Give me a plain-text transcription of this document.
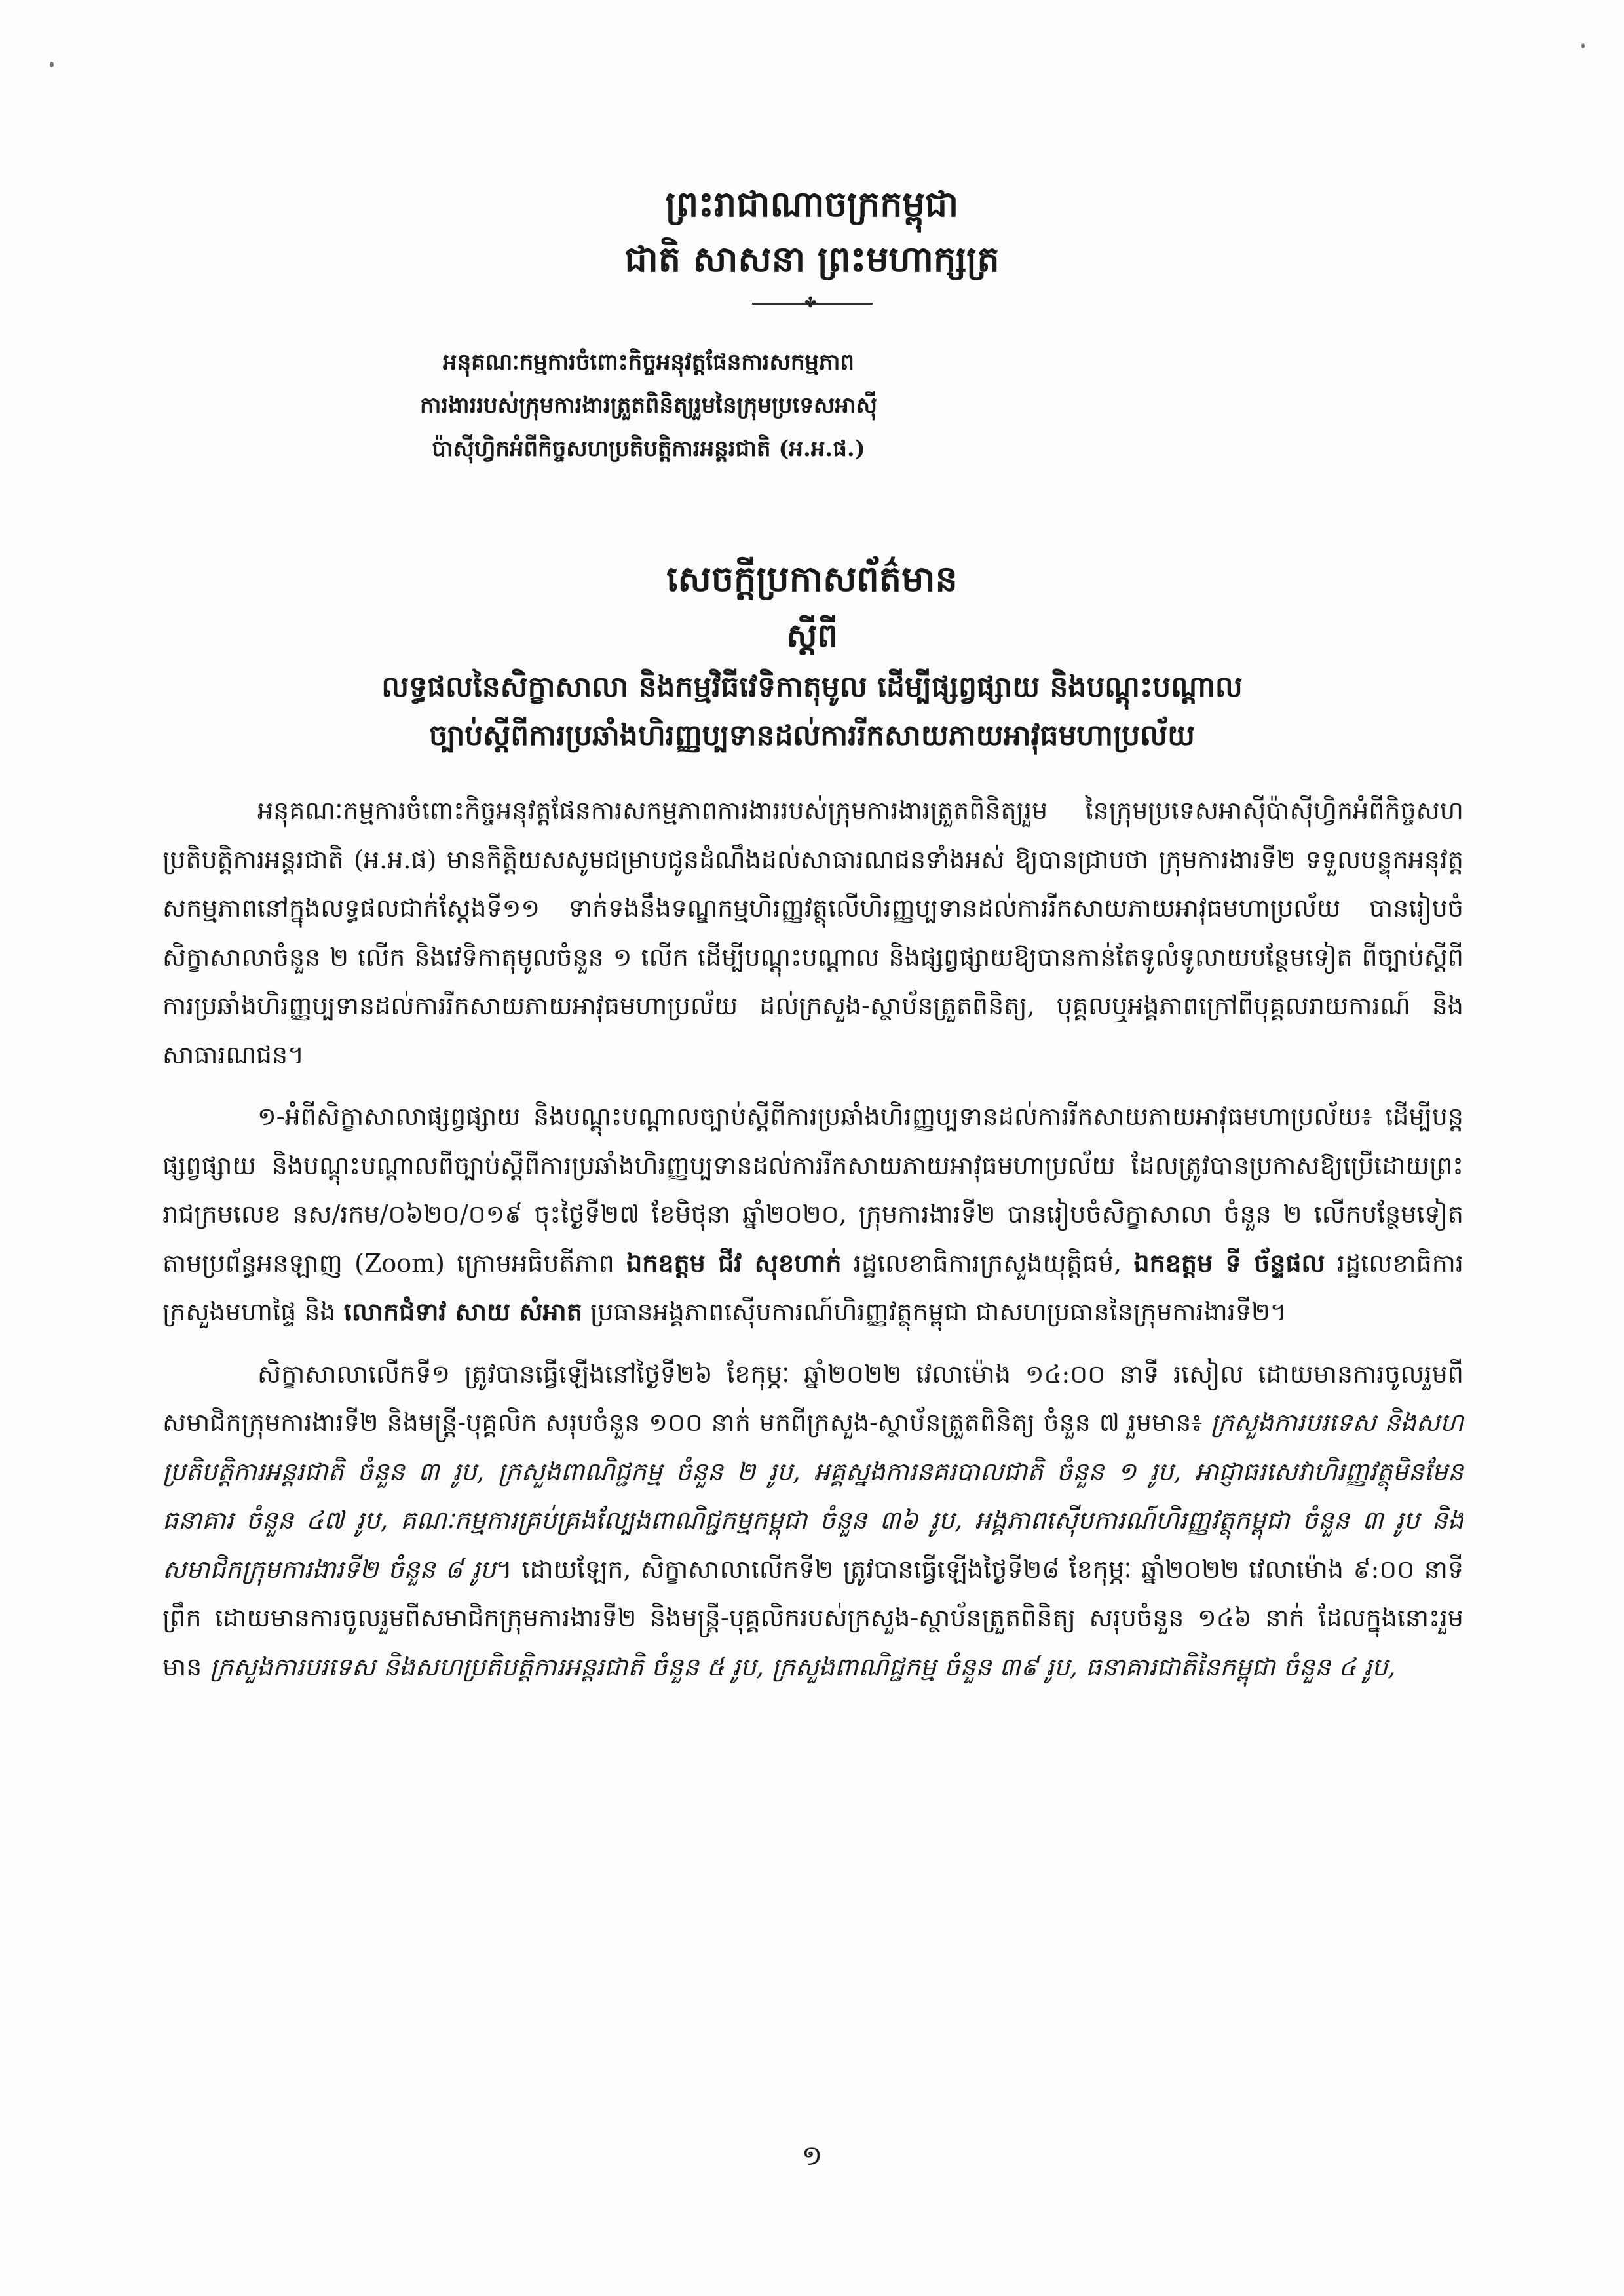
ព្រះរាជាណាចក្រកម្ពុជា
ជាតិ សាសនា ព្រះមហាក្សត្រ
✤
អនុគណៈកម្មការចំពោះកិច្ចអនុវត្តផែនការសកម្មភាព
ការងាររបស់ក្រុមការងារត្រួតពិនិត្យរួមនៃក្រុមប្រទេសអាស៊ី
ប៉ាស៊ីហ្វិកអំពីកិច្ចសហប្រតិបត្តិការអន្តរជាតិ (អ.អ.ផ.)
សេចក្តីប្រកាសព័ត៌មាន
ស្តីពី
លទ្ធផលនៃសិក្ខាសាលា និងកម្មវិធីវេទិកាតុមូល ដើម្បីផ្សព្វផ្សាយ និងបណ្តុះបណ្តាល
ច្បាប់ស្តីពីការប្រឆាំងហិរញ្ញប្បទានដល់ការរីកសាយភាយអាវុធមហាប្រល័យ

អនុគណៈកម្មការចំពោះកិច្ចអនុវត្តផែនការសកម្មភាពការងាររបស់ក្រុមការងារត្រួតពិនិត្យរួម នៃក្រុមប្រទេសអាស៊ីប៉ាស៊ីហ្វិកអំពីកិច្ចសហប្រតិបត្តិការអន្តរជាតិ (អ.អ.ផ) មានកិត្តិយសសូមជម្រាបជូនដំណឹងដល់សាធារណជនទាំងអស់ ឱ្យបានជ្រាបថា ក្រុមការងារទី២ ទទួលបន្ទុកអនុវត្តសកម្មភាពនៅក្នុងលទ្ធផលជាក់ស្តែងទី១១ ទាក់ទងនឹងទណ្ឌកម្មហិរញ្ញវត្ថុលើហិរញ្ញប្បទានដល់ការរីកសាយភាយអាវុធមហាប្រល័យ បានរៀបចំសិក្ខាសាលាចំនួន ២ លើក និងវេទិកាតុមូលចំនួន ១ លើក ដើម្បីបណ្តុះបណ្តាល និងផ្សព្វផ្សាយឱ្យបានកាន់តែទូលំទូលាយបន្ថែមទៀត ពីច្បាប់ស្តីពីការប្រឆាំងហិរញ្ញប្បទានដល់ការរីកសាយភាយអាវុធមហាប្រល័យ ដល់ក្រសួង-ស្ថាប័នត្រួតពិនិត្យ, បុគ្គលឬអង្គភាពក្រៅពីបុគ្គលរាយការណ៍ និងសាធារណជន។

១-អំពីសិក្ខាសាលាផ្សព្វផ្សាយ និងបណ្តុះបណ្តាលច្បាប់ស្តីពីការប្រឆាំងហិរញ្ញប្បទានដល់ការរីកសាយភាយអាវុធមហាប្រល័យ៖ ដើម្បីបន្តផ្សព្វផ្សាយ និងបណ្តុះបណ្តាលពីច្បាប់ស្តីពីការប្រឆាំងហិរញ្ញប្បទានដល់ការរីកសាយភាយអាវុធមហាប្រល័យ ដែលត្រូវបានប្រកាសឱ្យប្រើដោយព្រះរាជក្រមលេខ នស/រកម/០៦២០/០១៩ ចុះថ្ងៃទី២៧ ខែមិថុនា ឆ្នាំ២០២០, ក្រុមការងារទី២ បានរៀបចំសិក្ខាសាលា ចំនួន ២ លើកបន្ថែមទៀតតាមប្រព័ន្ធអនឡាញ (Zoom) ក្រោមអធិបតីភាព ឯកឧត្តម ជីវ សុខហាក់ រដ្ឋលេខាធិការក្រសួងយុត្តិធម៌, ឯកឧត្តម ទី ច័ន្ទផល រដ្ឋលេខាធិការក្រសួងមហាផ្ទៃ និង លោកជំទាវ សាយ សំអាត ប្រធានអង្គភាពស៊ើបការណ៍ហិរញ្ញវត្ថុកម្ពុជា ជាសហប្រធាននៃក្រុមការងារទី២។

សិក្ខាសាលាលើកទី១ ត្រូវបានធ្វើឡើងនៅថ្ងៃទី២៦ ខែកុម្ភៈ ឆ្នាំ២០២២ វេលាម៉ោង ១៤:០០ នាទី រសៀល ដោយមានការចូលរួមពីសមាជិកក្រុមការងារទី២ និងមន្ត្រី-បុគ្គលិក សរុបចំនួន ១០០ នាក់ មកពីក្រសួង-ស្ថាប័នត្រួតពិនិត្យ ចំនួន ៧ រួមមាន៖ ក្រសួងការបរទេស និងសហប្រតិបត្តិការអន្តរជាតិ ចំនួន ៣ រូប, ក្រសួងពាណិជ្ជកម្ម ចំនួន ២ រូប, អគ្គស្នងការនគរបាលជាតិ ចំនួន ១ រូប, អាជ្ញាធរសេវាហិរញ្ញវត្ថុមិនមែនធនាគារ ចំនួន ៤៧ រូប, គណៈកម្មការគ្រប់គ្រងល្បែងពាណិជ្ជកម្មកម្ពុជា ចំនួន ៣៦ រូប, អង្គភាពស៊ើបការណ៍ហិរញ្ញវត្ថុកម្ពុជា ចំនួន ៣ រូប និង សមាជិកក្រុមការងារទី២ ចំនួន ៨ រូប។ ដោយឡែក, សិក្ខាសាលាលើកទី២ ត្រូវបានធ្វើឡើងថ្ងៃទី២៨ ខែកុម្ភៈ ឆ្នាំ២០២២ វេលាម៉ោង ៩:០០ នាទីព្រឹក ដោយមានការចូលរួមពីសមាជិកក្រុមការងារទី២ និងមន្ត្រី-បុគ្គលិករបស់ក្រសួង-ស្ថាប័នត្រួតពិនិត្យ សរុបចំនួន ១៤៦ នាក់ ដែលក្នុងនោះរួមមាន ក្រសួងការបរទេស និងសហប្រតិបត្តិការអន្តរជាតិ ចំនួន ៥ រូប, ក្រសួងពាណិជ្ជកម្ម ចំនួន ៣៩ រូប, ធនាគារជាតិនៃកម្ពុជា ចំនួន ៤ រូប,

១
